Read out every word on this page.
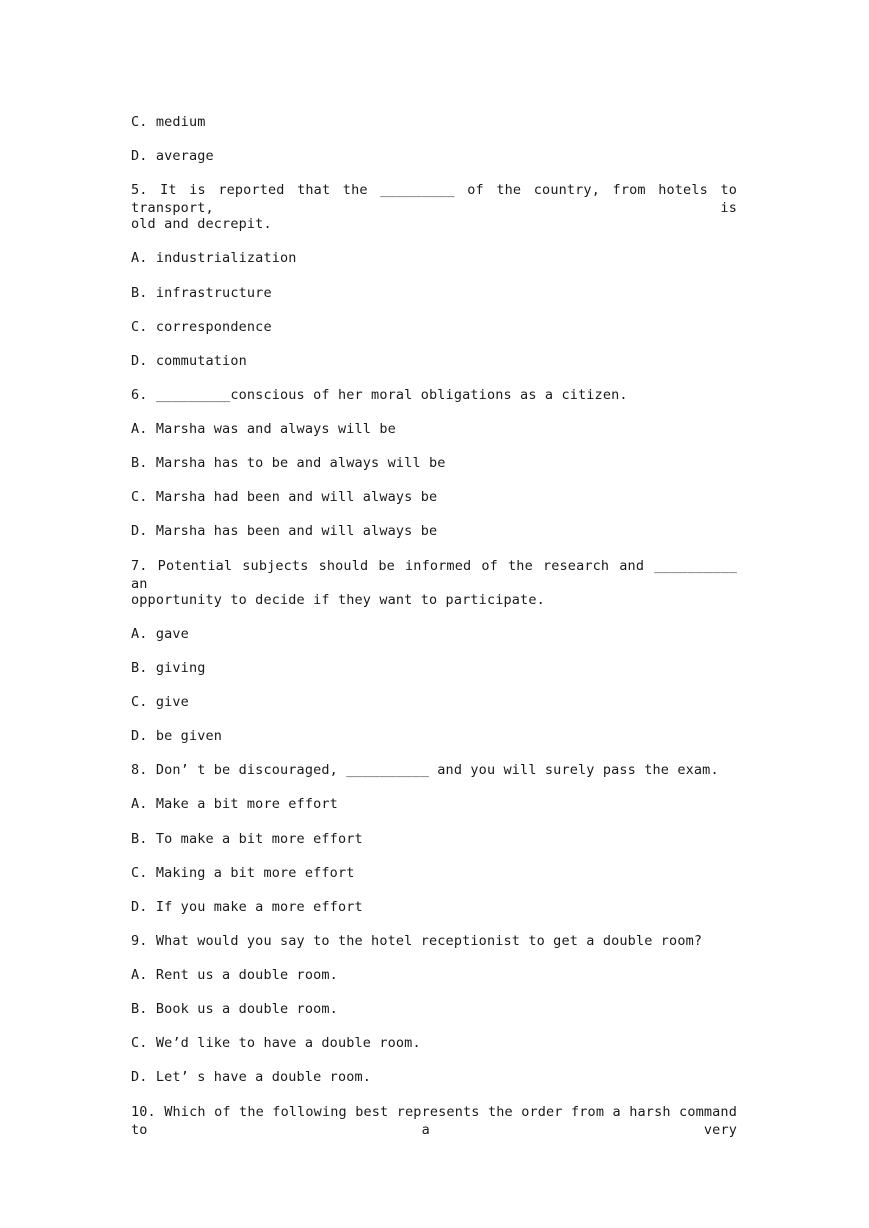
C. medium
D. average
5. It is reported that the _________ of the country, from hotels to transport, is
old and decrepit.
A. industrialization
B. infrastructure
C. correspondence
D. commutation
6. _________conscious of her moral obligations as a citizen.
A. Marsha was and always will be
B. Marsha has to be and always will be
C. Marsha had been and will always be
D. Marsha has been and will always be
7. Potential subjects should be informed of the research and __________ an
opportunity to decide if they want to participate.
A. gave
B. giving
C. give
D. be given
8. Don’ t be discouraged, __________ and you will surely pass the exam.
A. Make a bit more effort
B. To make a bit more effort
C. Making a bit more effort
D. If you make a more effort
9. What would you say to the hotel receptionist to get a double room?
A. Rent us a double room.
B. Book us a double room.
C. We’d like to have a double room.
D. Let’ s have a double room.
10. Which of the following best represents the order from a harsh command to a very
